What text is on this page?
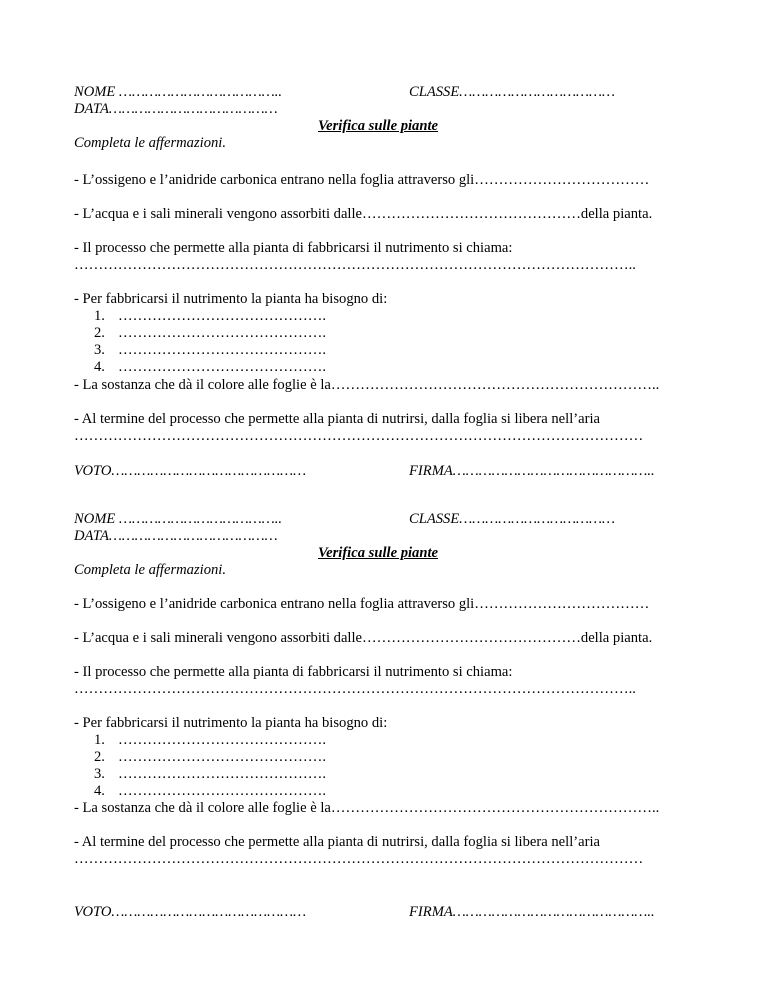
NOME ………………………………..	CLASSE………………………………
DATA…………………………………
Verifica sulle piante
Completa le affermazioni.
- L’ossigeno e l’anidride carbonica entrano nella foglia attraverso gli………………………………
- L’acqua e i sali minerali vengono assorbiti dalle………………………………………della pianta.
- Il processo che permette alla pianta di fabbricarsi il nutrimento si chiama:
……………………………………………………………………………………………………..
- Per fabbricarsi il nutrimento la pianta ha bisogno di:
1. …………………………………….
2. …………………………………….
3. …………………………………….
4. …………………………………….
- La sostanza che dà il colore alle foglie è la…………………………………………………………..
- Al termine del processo che permette alla pianta di nutrirsi, dalla foglia si libera nell’aria
………………………………………………………………………………………………………
VOTO………………………………………	FIRMA………………………………………..
NOME ………………………………..	CLASSE………………………………
DATA…………………………………
Verifica sulle piante
Completa le affermazioni.
- L’ossigeno e l’anidride carbonica entrano nella foglia attraverso gli………………………………
- L’acqua e i sali minerali vengono assorbiti dalle………………………………………della pianta.
- Il processo che permette alla pianta di fabbricarsi il nutrimento si chiama:
……………………………………………………………………………………………………..
- Per fabbricarsi il nutrimento la pianta ha bisogno di:
1. …………………………………….
2. …………………………………….
3. …………………………………….
4. …………………………………….
- La sostanza che dà il colore alle foglie è la…………………………………………………………..
- Al termine del processo che permette alla pianta di nutrirsi, dalla foglia si libera nell’aria
………………………………………………………………………………………………………
VOTO………………………………………	FIRMA………………………………………..
